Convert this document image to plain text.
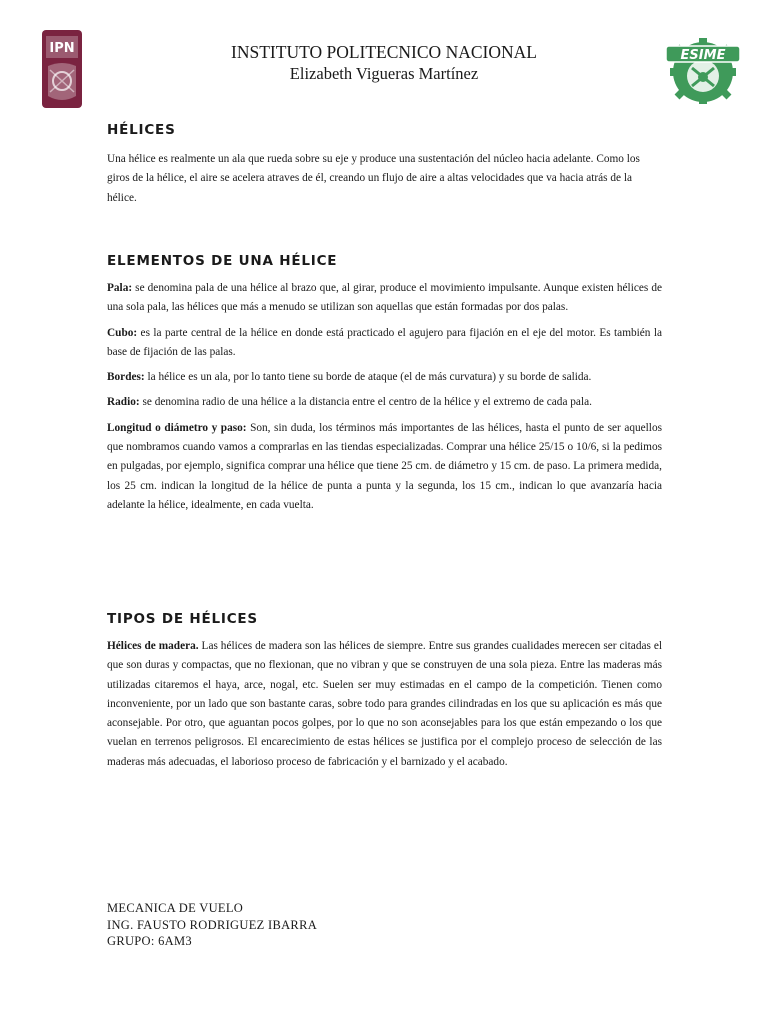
IPN	ESIME
INSTITUTO POLITECNICO NACIONAL
Elizabeth Vigueras Martínez
HÉLICES
Una hélice es realmente un ala que rueda sobre su eje y produce una sustentación del núcleo hacia adelante. Como los giros de la hélice, el aire se acelera atraves de él, creando un flujo de aire a altas velocidades que va hacia atrás de la hélice.
ELEMENTOS DE UNA HÉLICE

Pala: se denomina pala de una hélice al brazo que, al girar, produce el movimiento impulsante. Aunque existen hélices de una sola pala, las hélices que más a menudo se utilizan son aquellas que están formadas por dos palas.

Cubo: es la parte central de la hélice en donde está practicado el agujero para fijación en el eje del motor. Es también la base de fijación de las palas.

Bordes: la hélice es un ala, por lo tanto tiene su borde de ataque (el de más curvatura) y su borde de salida.

Radio: se denomina radio de una hélice a la distancia entre el centro de la hélice y el extremo de cada pala.

Longitud o diámetro y paso: Son, sin duda, los términos más importantes de las hélices, hasta el punto de ser aquellos que nombramos cuando vamos a comprarlas en las tiendas especializadas. Comprar una hélice 25/15 o 10/6, si la pedimos en pulgadas, por ejemplo, significa comprar una hélice que tiene 25 cm. de diámetro y 15 cm. de paso. La primera medida, los 25 cm. indican la longitud de la hélice de punta a punta y la segunda, los 15 cm., indican lo que avanzaría hacia adelante la hélice, idealmente, en cada vuelta.

TIPOS DE HÉLICES
Hélices de madera. Las hélices de madera son las hélices de siempre. Entre sus grandes cualidades merecen ser citadas el que son duras y compactas, que no flexionan, que no vibran y que se construyen de una sola pieza. Entre las maderas más utilizadas citaremos el haya, arce, nogal, etc. Suelen ser muy estimadas en el campo de la competición. Tienen como inconveniente, por un lado que son bastante caras, sobre todo para grandes cilindradas en los que su aplicación es más que aconsejable. Por otro, que aguantan pocos golpes, por lo que no son aconsejables para los que están empezando o los que vuelan en terrenos peligrosos. El encarecimiento de estas hélices se justifica por el complejo proceso de selección de las maderas más adecuadas, el laborioso proceso de fabricación y el barnizado y el acabado.
MECANICA DE VUELO
ING. FAUSTO RODRIGUEZ IBARRA
GRUPO: 6AM3
